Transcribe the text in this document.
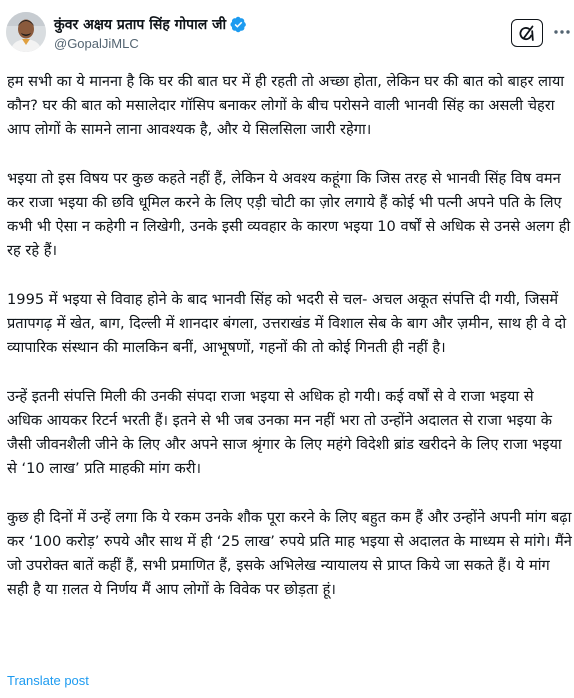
कुंवर अक्षय प्रताप सिंह गोपाल जी
@GopalJiMLC

हम सभी का ये मानना है कि घर की बात घर में ही रहती तो अच्छा होता, लेकिन घर की बात को बाहर लाया कौन? घर की बात को मसालेदार गॉसिप बनाकर लोगों के बीच परोसने वाली भानवी सिंह का असली चेहरा आप लोगों के सामने लाना आवश्यक है, और ये सिलसिला जारी रहेगा।

भइया तो इस विषय पर कुछ कहते नहीं हैं, लेकिन ये अवश्य कहूंगा कि जिस तरह से भानवी सिंह विष वमन कर राजा भइया की छवि धूमिल करने के लिए एड़ी चोटी का ज़ोर लगाये हैं कोई भी पत्नी अपने पति के लिए कभी भी ऐसा न कहेगी न लिखेगी, उनके इसी व्यवहार के कारण भइया 10 वर्षों से अधिक से उनसे अलग ही रह रहे हैं।

1995 में भइया से विवाह होने के बाद भानवी सिंह को भदरी से चल- अचल अकूत संपत्ति दी गयी, जिसमें प्रतापगढ़ में खेत, बाग, दिल्ली में शानदार बंगला, उत्तराखंड में विशाल सेब के बाग और ज़मीन, साथ ही वे दो व्यापारिक संस्थान की मालकिन बनीं, आभूषणों, गहनों की तो कोई गिनती ही नहीं है।

उन्हें इतनी संपत्ति मिली की उनकी संपदा राजा भइया से अधिक हो गयी। कई वर्षों से वे राजा भइया से अधिक आयकर रिटर्न भरती हैं। इतने से भी जब उनका मन नहीं भरा तो उन्होंने अदालत से राजा भइया के जैसी जीवनशैली जीने के लिए और अपने साज श्रृंगार के लिए महंगे विदेशी ब्रांड खरीदने के लिए राजा भइया से ‘10 लाख’ प्रति माहकी मांग करी।

कुछ ही दिनों में उन्हें लगा कि ये रकम उनके शौक पूरा करने के लिए बहुत कम हैं और उन्होंने अपनी मांग बढ़ा कर ‘100 करोड़’ रुपये और साथ में ही ‘25 लाख’ रुपये प्रति माह भइया से अदालत के माध्यम से मांगे। मैंने जो उपरोक्त बातें कहीं हैं, सभी प्रमाणित हैं, इसके अभिलेख न्यायालय से प्राप्त किये जा सकते हैं। ये मांग सही है या ग़लत ये निर्णय मैं आप लोगों के विवेक पर छोड़ता हूं।

Translate post
